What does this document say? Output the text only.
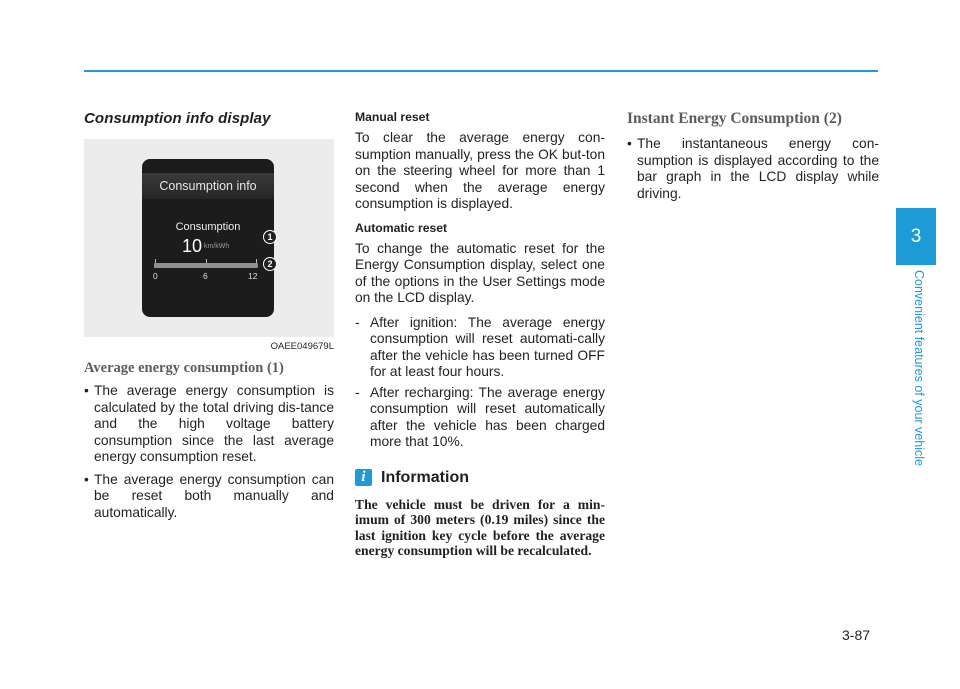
Consumption info display
Consumption info
Consumption
10 km/kWh
0	6	12
1
2
OAEE049679L
Average energy consumption (1)
• The average energy consumption is calculated by the total driving dis-tance and the high voltage battery consumption since the last average energy consumption reset.
• The average energy consumption can be reset both manually and automatically.
Manual reset

To clear the average energy con-sumption manually, press the OK but-ton on the steering wheel for more than 1 second when the average energy consumption is displayed.

Automatic reset

To change the automatic reset for the Energy Consumption display, select one of the options in the User Settings mode on the LCD display.

- After ignition: The average energy consumption will reset automati-cally after the vehicle has been turned OFF for at least four hours.
- After recharging: The average energy consumption will reset automatically after the vehicle has been charged more that 10%.
i Information

The vehicle must be driven for a min-imum of 300 meters (0.19 miles) since the last ignition key cycle before the average energy consumption will be recalculated.

Instant Energy Consumption (2)
• The instantaneous energy con-sumption is displayed according to the bar graph in the LCD display while driving.
3
Convenient features of your vehicle
3-87
